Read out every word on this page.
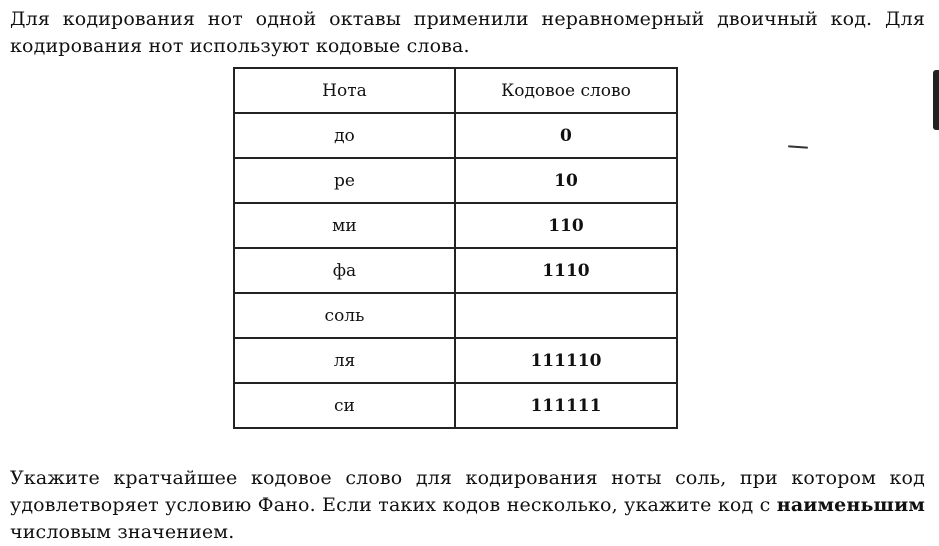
Для кодирования нот одной октавы применили неравномерный двоичный код. Для
кодирования нот используют кодовые слова.
Нота	Кодовое слово
до	0
ре	10
ми	110
фа	1110
соль	
ля	111110
си	111111
Укажите кратчайшее кодовое слово для кодирования ноты соль, при котором код
удовлетворяет условию Фано. Если таких кодов несколько, укажите код с наименьшим
числовым значением.
